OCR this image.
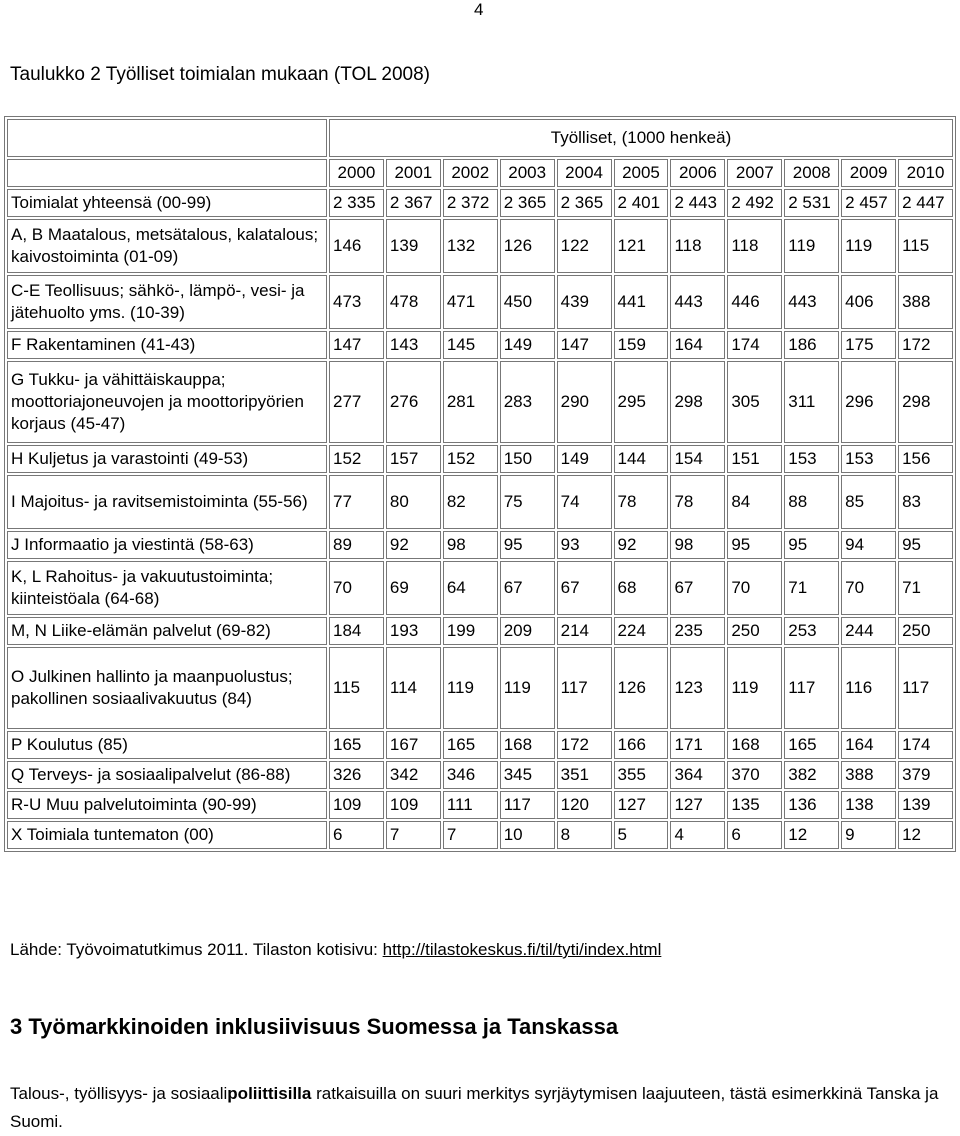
4
Taulukko 2 Työlliset toimialan mukaan (TOL 2008)
	Työlliset, (1000 henkeä)										
	2000	2001	2002	2003	2004	2005	2006	2007	2008	2009	2010
Toimialat yhteensä (00-99)	2 335	2 367	2 372	2 365	2 365	2 401	2 443	2 492	2 531	2 457	2 447
A, B Maatalous, metsätalous, kalatalous; kaivostoiminta (01-09)	146	139	132	126	122	121	118	118	119	119	115
C-E Teollisuus; sähkö-, lämpö-, vesi- ja jätehuolto yms. (10-39)	473	478	471	450	439	441	443	446	443	406	388
F Rakentaminen (41-43)	147	143	145	149	147	159	164	174	186	175	172
G Tukku- ja vähittäiskauppa; moottoriajoneuvojen ja moottoripyörien korjaus (45-47)	277	276	281	283	290	295	298	305	311	296	298
H Kuljetus ja varastointi (49-53)	152	157	152	150	149	144	154	151	153	153	156
I Majoitus- ja ravitsemistoiminta (55-56)	77	80	82	75	74	78	78	84	88	85	83
J Informaatio ja viestintä (58-63)	89	92	98	95	93	92	98	95	95	94	95
K, L Rahoitus- ja vakuutustoiminta; kiinteistöala (64-68)	70	69	64	67	67	68	67	70	71	70	71
M, N Liike-elämän palvelut (69-82)	184	193	199	209	214	224	235	250	253	244	250
O Julkinen hallinto ja maanpuolustus; pakollinen sosiaalivakuutus (84)	115	114	119	119	117	126	123	119	117	116	117
P Koulutus (85)	165	167	165	168	172	166	171	168	165	164	174
Q Terveys- ja sosiaalipalvelut (86-88)	326	342	346	345	351	355	364	370	382	388	379
R-U Muu palvelutoiminta (90-99)	109	109	111	117	120	127	127	135	136	138	139
X Toimiala tuntematon (00)	6	7	7	10	8	5	4	6	12	9	12
Lähde: Työvoimatutkimus 2011. Tilaston kotisivu: http://tilastokeskus.fi/til/tyti/index.html
3 Työmarkkinoiden inklusiivisuus Suomessa ja Tanskassa

Talous-, työllisyys- ja sosiaalipoliittisilla ratkaisuilla on suuri merkitys syrjäytymisen laajuuteen, tästä esimerkkinä Tanska ja Suomi.
